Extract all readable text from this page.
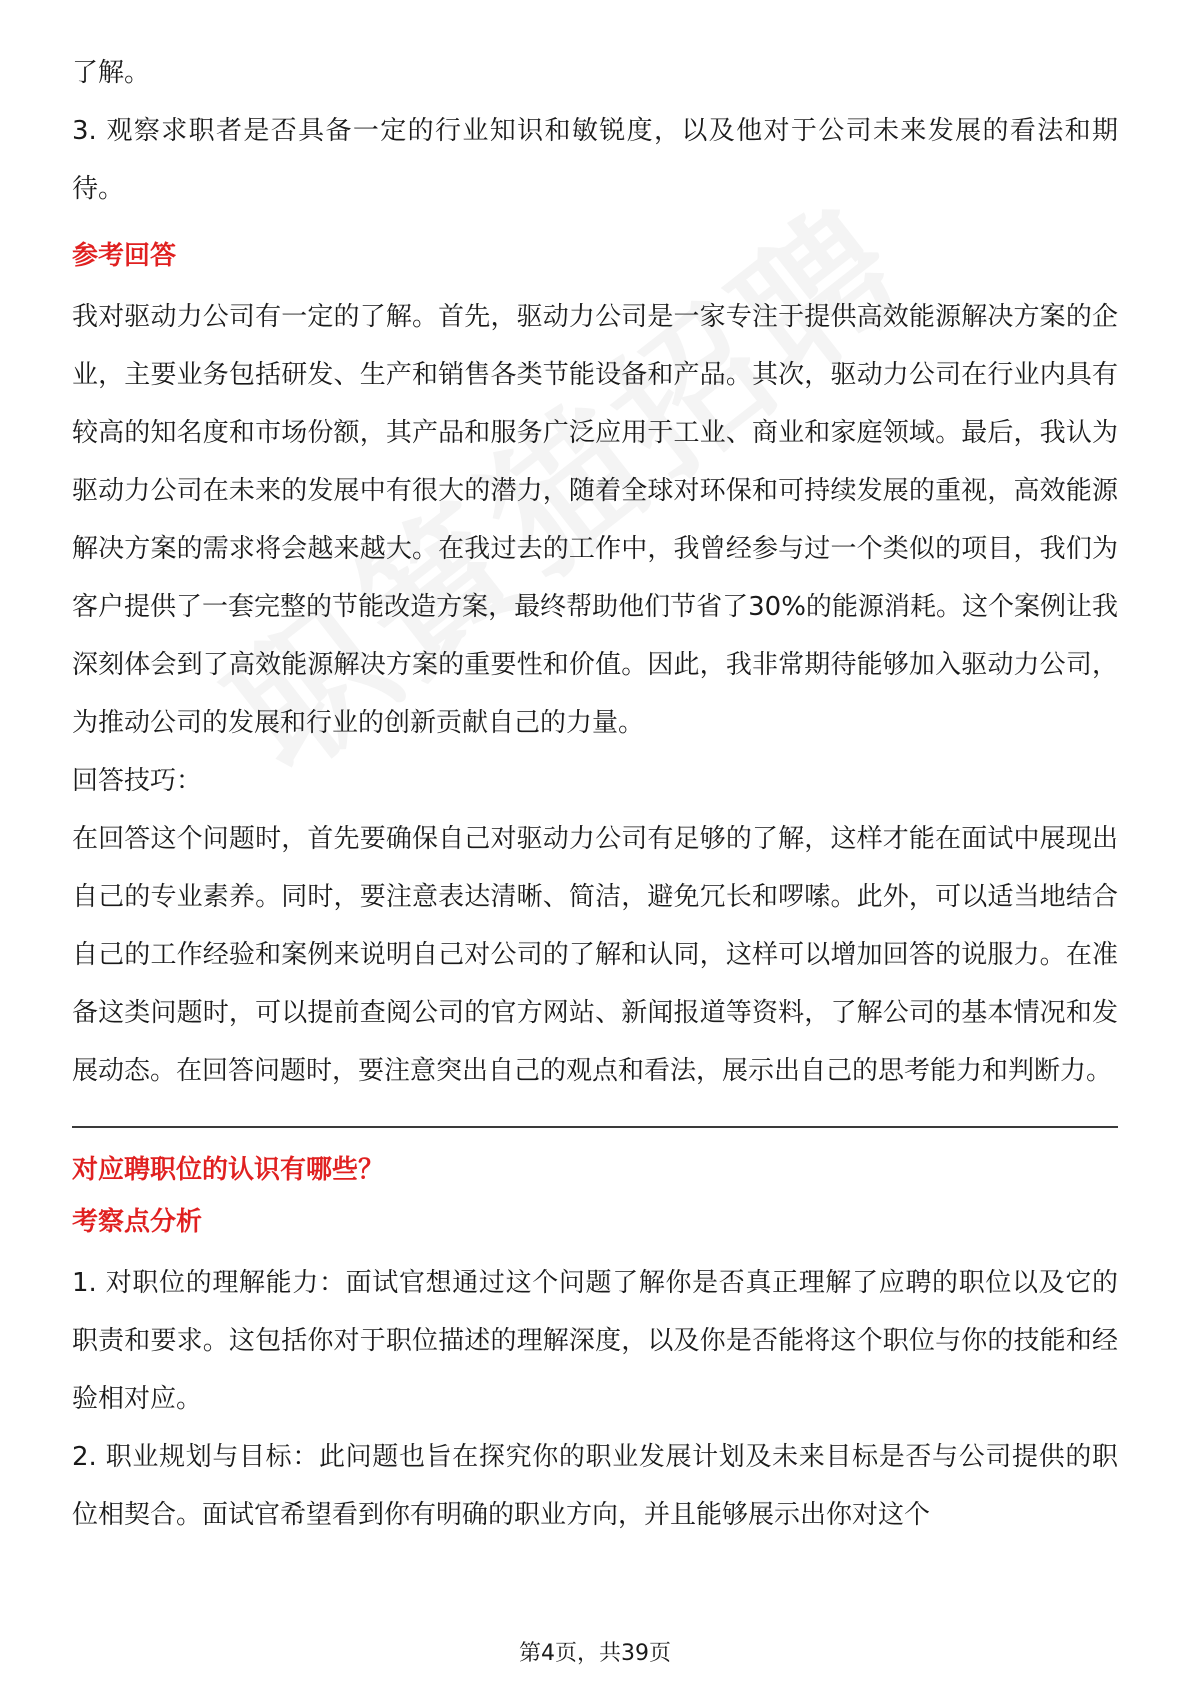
了解。

3. 观察求职者是否具备一定的行业知识和敏锐度，以及他对于公司未来发展的看法和期待。

参考回答

我对驱动力公司有一定的了解。首先，驱动力公司是一家专注于提供高效能源解决方案的企业，主要业务包括研发、生产和销售各类节能设备和产品。其次，驱动力公司在行业内具有较高的知名度和市场份额，其产品和服务广泛应用于工业、商业和家庭领域。最后，我认为驱动力公司在未来的发展中有很大的潜力，随着全球对环保和可持续发展的重视，高效能源解决方案的需求将会越来越大。在我过去的工作中，我曾经参与过一个类似的项目，我们为客户提供了一套完整的节能改造方案，最终帮助他们节省了30%的能源消耗。这个案例让我深刻体会到了高效能源解决方案的重要性和价值。因此，我非常期待能够加入驱动力公司，为推动公司的发展和行业的创新贡献自己的力量。

回答技巧：

在回答这个问题时，首先要确保自己对驱动力公司有足够的了解，这样才能在面试中展现出自己的专业素养。同时，要注意表达清晰、简洁，避免冗长和啰嗦。此外，可以适当地结合自己的工作经验和案例来说明自己对公司的了解和认同，这样可以增加回答的说服力。在准备这类问题时，可以提前查阅公司的官方网站、新闻报道等资料，了解公司的基本情况和发展动态。在回答问题时，要注意突出自己的观点和看法，展示出自己的思考能力和判断力。

对应聘职位的认识有哪些？

考察点分析

1. 对职位的理解能力：面试官想通过这个问题了解你是否真正理解了应聘的职位以及它的职责和要求。这包括你对于职位描述的理解深度，以及你是否能将这个职位与你的技能和经验相对应。

2. 职业规划与目标：此问题也旨在探究你的职业发展计划及未来目标是否与公司提供的职位相契合。面试官希望看到你有明确的职业方向，并且能够展示出你对这个

第4页，共39页
